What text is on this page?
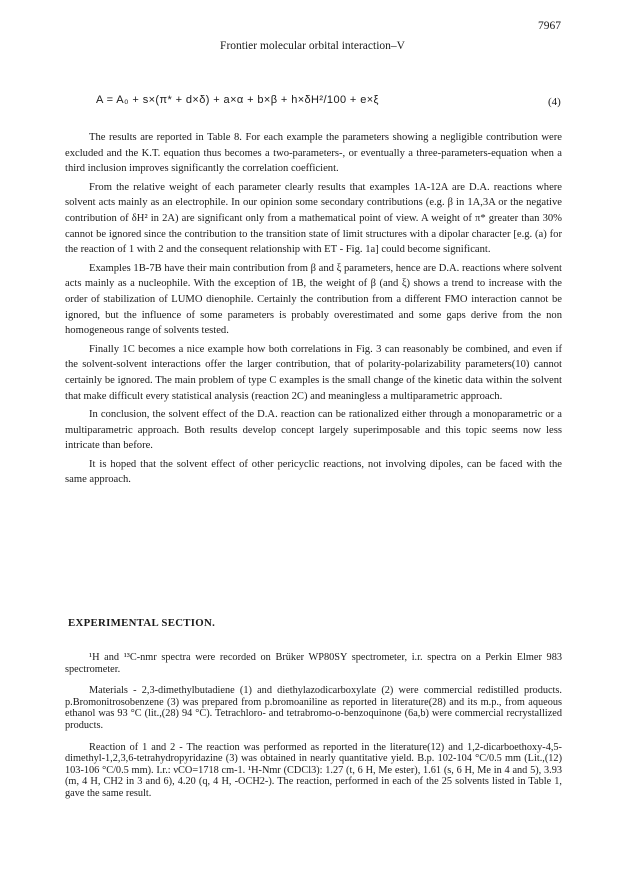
7967
Frontier molecular orbital interaction–V
A = A₀ + s×(π* + d×δ) + a×α + b×β + h×δH²/100 + e×ξ	(4)

The results are reported in Table 8. For each example the parameters showing a negligible contribution were excluded and the K.T. equation thus becomes a two-parameters-, or eventually a three-parameters-equation when a third inclusion improves significantly the correlation coefficient.

From the relative weight of each parameter clearly results that examples 1A-12A are D.A. reactions where solvent acts mainly as an electrophile. In our opinion some secondary contributions (e.g. β in 1A,3A or the negative contribution of δH² in 2A) are significant only from a mathematical point of view. A weight of π* greater than 30% cannot be ignored since the contribution to the transition state of limit structures with a dipolar character [e.g. (a) for the reaction of 1 with 2 and the consequent relationship with ET - Fig. 1a] could become significant.

Examples 1B-7B have their main contribution from β and ξ parameters, hence are D.A. reactions where solvent acts mainly as a nucleophile. With the exception of 1B, the weight of β (and ξ) shows a trend to increase with the order of stabilization of LUMO dienophile. Certainly the contribution from a different FMO interaction cannot be ignored, but the influence of some parameters is probably overestimated and some gaps derive from the non homogeneous range of solvents tested.

Finally 1C becomes a nice example how both correlations in Fig. 3 can reasonably be combined, and even if the solvent-solvent interactions offer the larger contribution, that of polarity-polarizability parameters(10) cannot certainly be ignored. The main problem of type C examples is the small change of the kinetic data within the solvent that make difficult every statistical analysis (reaction 2C) and meaningless a multiparametric approach.

In conclusion, the solvent effect of the D.A. reaction can be rationalized either through a monoparametric or a multiparametric approach. Both results develop concept largely superimposable and this topic seems now less intricate than before.

It is hoped that the solvent effect of other pericyclic reactions, not involving dipoles, can be faced with the same approach.

EXPERIMENTAL SECTION.

¹H and ¹³C-nmr spectra were recorded on Brüker WP80SY spectrometer, i.r. spectra on a Perkin Elmer 983 spectrometer.

Materials - 2,3-dimethylbutadiene (1) and diethylazodicarboxylate (2) were commercial redistilled products. p.Bromonitrosobenzene (3) was prepared from p.bromoaniline as reported in literature(28) and its m.p., from aqueous ethanol was 93 °C (lit.,(28) 94 °C). Tetrachloro- and tetrabromo-o-benzoquinone (6a,b) were commercial recrystallized products.

Reaction of 1 and 2 - The reaction was performed as reported in the literature(12) and 1,2-dicarboethoxy-4,5-dimethyl-1,2,3,6-tetrahydropyridazine (3) was obtained in nearly quantitative yield. B.p. 102-104 °C/0.5 mm (Lit.,(12) 103-106 °C/0.5 mm). I.r.: νCO=1718 cm-1. ¹H-Nmr (CDCl3): 1.27 (t, 6 H, Me ester), 1.61 (s, 6 H, Me in 4 and 5), 3.93 (m, 4 H, CH2 in 3 and 6), 4.20 (q, 4 H, -OCH2-). The reaction, performed in each of the 25 solvents listed in Table 1, gave the same result.
